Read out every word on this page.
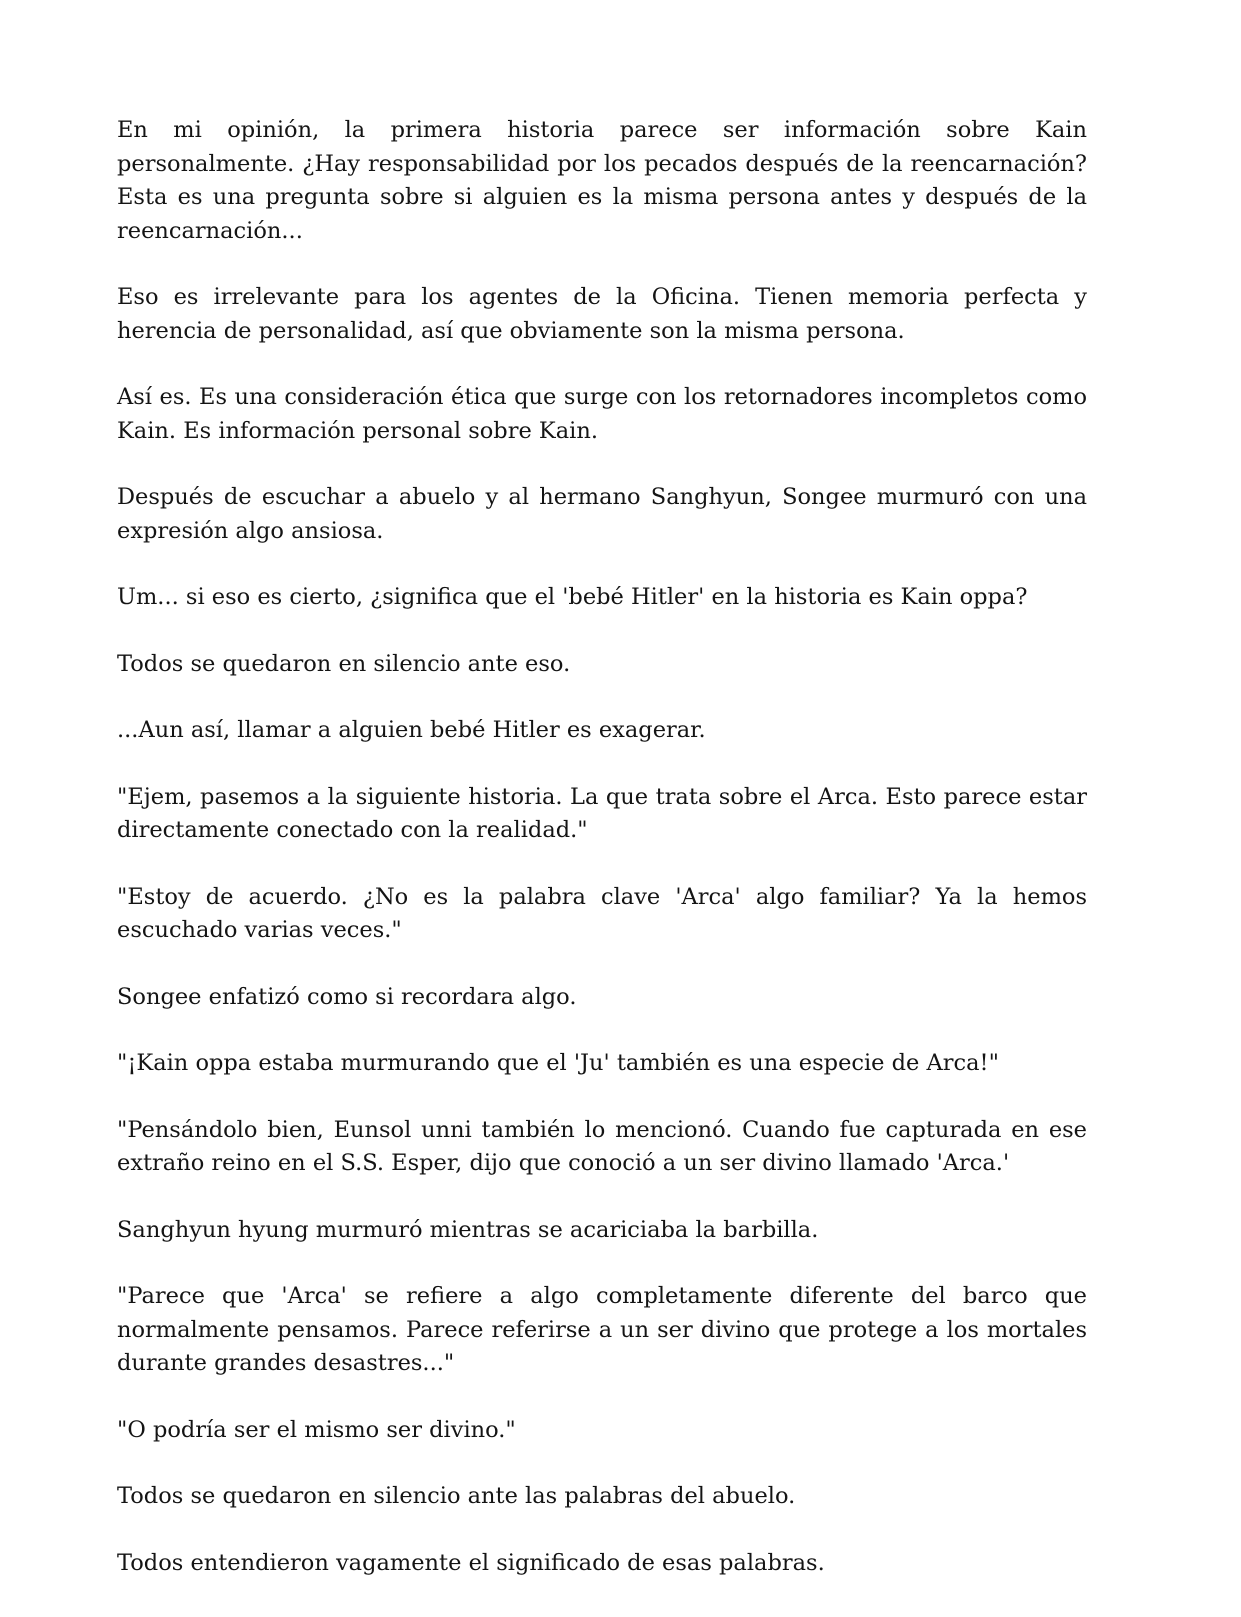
En mi opinión, la primera historia parece ser información sobre Kain personalmente. ¿Hay responsabilidad por los pecados después de la reencarnación? Esta es una pregunta sobre si alguien es la misma persona antes y después de la reencarnación...

Eso es irrelevante para los agentes de la Oficina. Tienen memoria perfecta y herencia de personalidad, así que obviamente son la misma persona.

Así es. Es una consideración ética que surge con los retornadores incompletos como Kain. Es información personal sobre Kain.

Después de escuchar a abuelo y al hermano Sanghyun, Songee murmuró con una expresión algo ansiosa.

Um... si eso es cierto, ¿significa que el 'bebé Hitler' en la historia es Kain oppa?

Todos se quedaron en silencio ante eso.

...Aun así, llamar a alguien bebé Hitler es exagerar.

"Ejem, pasemos a la siguiente historia. La que trata sobre el Arca. Esto parece estar directamente conectado con la realidad."

"Estoy de acuerdo. ¿No es la palabra clave 'Arca' algo familiar? Ya la hemos escuchado varias veces."

Songee enfatizó como si recordara algo.

"¡Kain oppa estaba murmurando que el 'Ju' también es una especie de Arca!"

"Pensándolo bien, Eunsol unni también lo mencionó. Cuando fue capturada en ese extraño reino en el S.S. Esper, dijo que conoció a un ser divino llamado 'Arca.'

Sanghyun hyung murmuró mientras se acariciaba la barbilla.

"Parece que 'Arca' se refiere a algo completamente diferente del barco que normalmente pensamos. Parece referirse a un ser divino que protege a los mortales durante grandes desastres..."

"O podría ser el mismo ser divino."

Todos se quedaron en silencio ante las palabras del abuelo.

Todos entendieron vagamente el significado de esas palabras.
